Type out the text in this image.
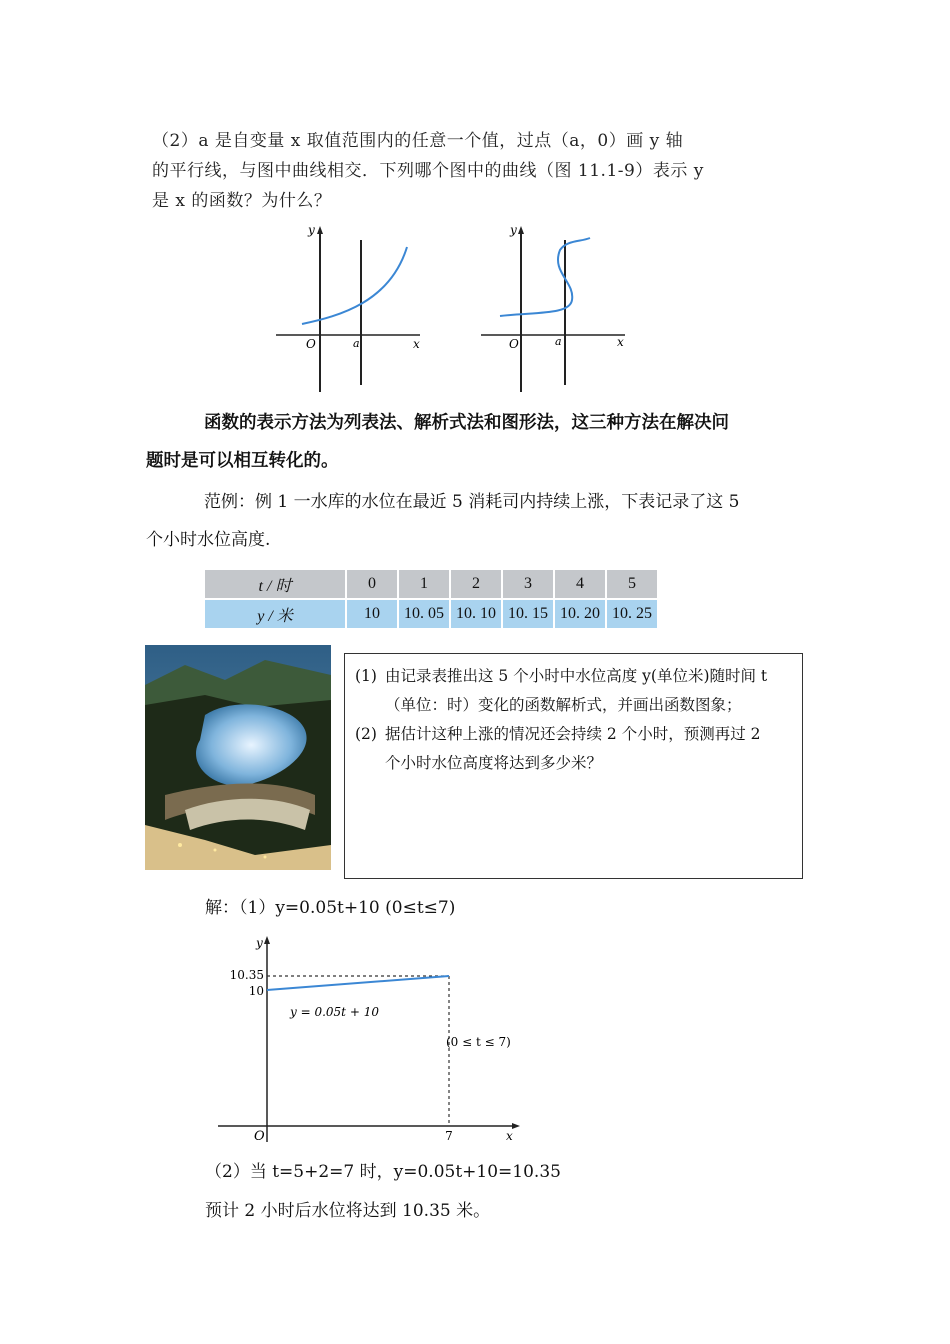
（2）a 是自变量 x 取值范围内的任意一个值，过点（a，0）画 y 轴
的平行线，与图中曲线相交．下列哪个图中的曲线（图 11.1-9）表示 y
是 x 的函数？为什么？
y
x
O	a
y
x
O	a
函数的表示方法为列表法、解析式法和图形法，这三种方法在解决问
题时是可以相互转化的。
范例：例 1 一水库的水位在最近 5 消耗司内持续上涨，下表记录了这 5
个小时水位高度.
t / 时	0	1	2	3	4	5
y / 米	10	10. 05	10. 10	10. 15	10. 20	10. 25
(1) 由记录表推出这 5 个小时中水位高度 y(单位米)随时间 t
（单位：时）变化的函数解析式，并画出函数图象；
(2) 据估计这种上涨的情况还会持续 2 个小时，预测再过 2
个小时水位高度将达到多少米？
解：（1）y=0.05t+10 (0≤t≤7)
y
x
O	7
10
10.35
y = 0.05t + 10
(0 ≤ t ≤ 7)
（2）当 t=5+2=7 时，y=0.05t+10=10.35
预计 2 小时后水位将达到 10.35 米。
